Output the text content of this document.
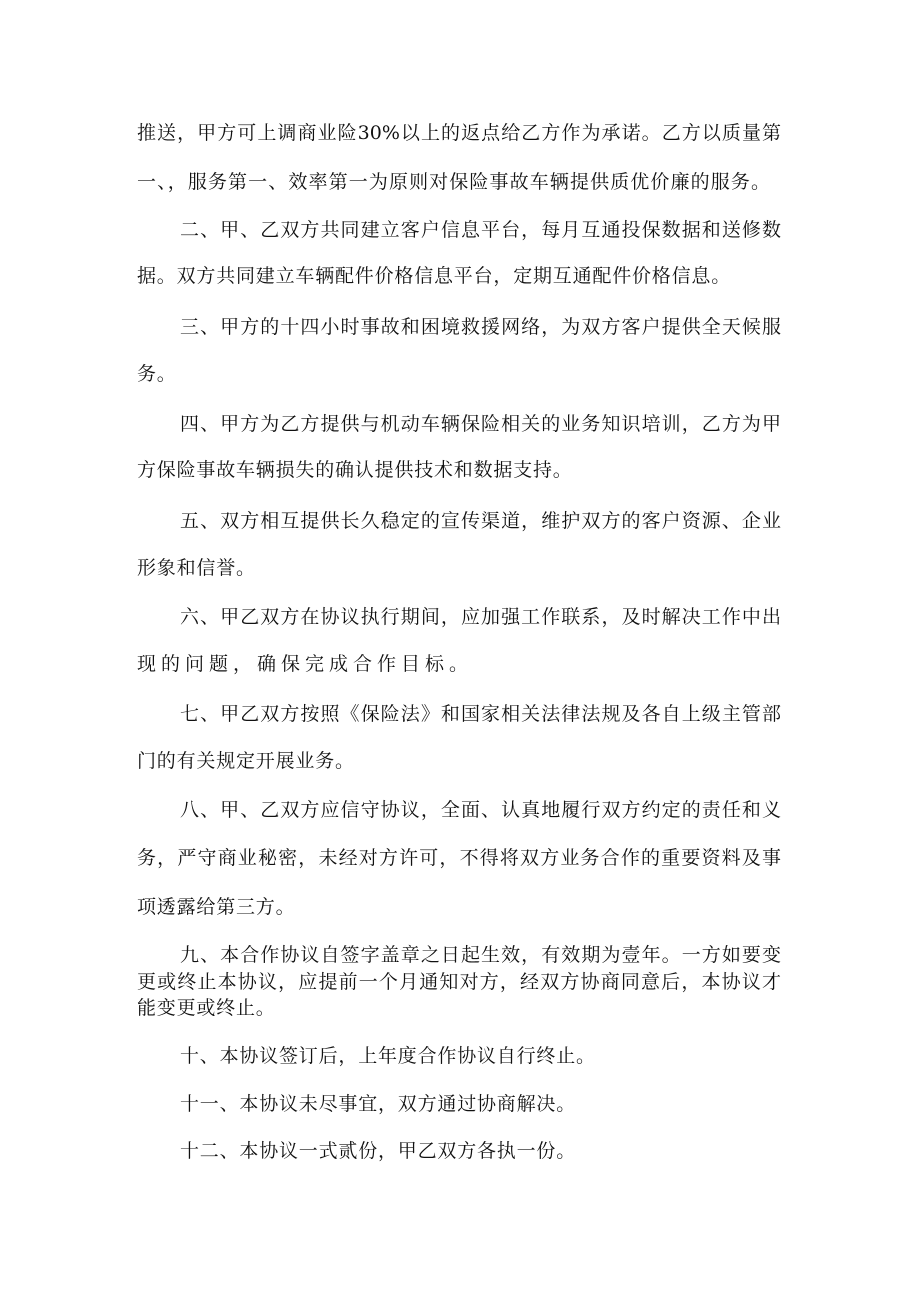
推送，甲方可上调商业险30%以上的返点给乙方作为承诺。乙方以质量第
一、，服务第一、效率第一为原则对保险事故车辆提供质优价廉的服务。
二、甲、乙双方共同建立客户信息平台，每月互通投保数据和送修数
据。双方共同建立车辆配件价格信息平台，定期互通配件价格信息。
三、甲方的十四小时事故和困境救援网络，为双方客户提供全天候服
务。
四、甲方为乙方提供与机动车辆保险相关的业务知识培训，乙方为甲
方保险事故车辆损失的确认提供技术和数据支持。
五、双方相互提供长久稳定的宣传渠道，维护双方的客户资源、企业
形象和信誉。
六、甲乙双方在协议执行期间，应加强工作联系，及时解决工作中出
现的问题，确保完成合作目标。
七、甲乙双方按照《保险法》和国家相关法律法规及各自上级主管部
门的有关规定开展业务。
八、甲、乙双方应信守协议，全面、认真地履行双方约定的责任和义
务，严守商业秘密，未经对方许可，不得将双方业务合作的重要资料及事
项透露给第三方。
九、本合作协议自签字盖章之日起生效，有效期为壹年。一方如要变
更或终止本协议，应提前一个月通知对方，经双方协商同意后，本协议才
能变更或终止。
十、本协议签订后，上年度合作协议自行终止。
十一、本协议未尽事宜，双方通过协商解决。
十二、本协议一式贰份，甲乙双方各执一份。
